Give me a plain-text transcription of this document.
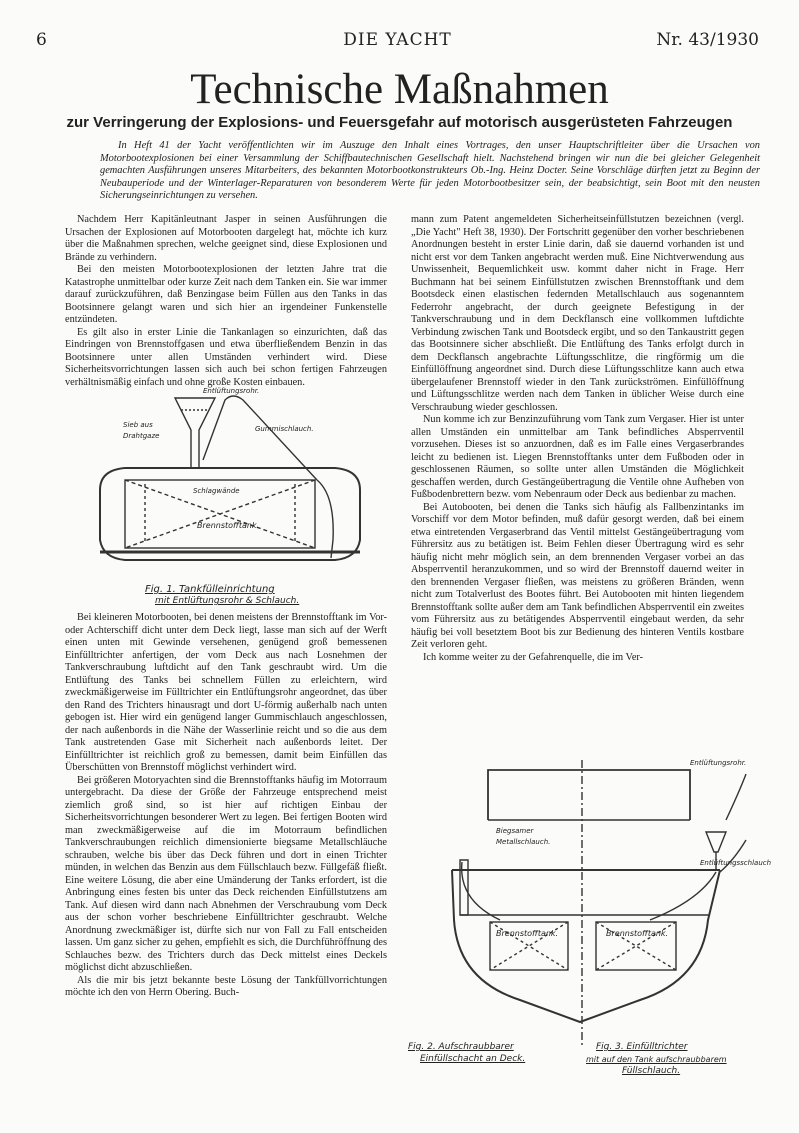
6	DIE YACHT	Nr. 43/1930
Technische Maßnahmen
zur Verringerung der Explosions- und Feuersgefahr auf motorisch ausgerüsteten Fahrzeugen

In Heft 41 der Yacht veröffentlichten wir im Auszuge den Inhalt eines Vortrages, den unser Hauptschriftleiter über die Ursachen von Motorbootexplosionen bei einer Versammlung der Schiffbautechnischen Gesellschaft hielt. Nachstehend bringen wir nun die bei gleicher Gelegenheit gemachten Ausführungen unseres Mitarbeiters, des bekannten Motorbootkonstrukteurs Ob.-Ing. Heinz Docter. Seine Vorschläge dürften jetzt zu Beginn der Neubauperiode und der Winterlager-Reparaturen von besonderem Werte für jeden Motorbootbesitzer sein, der beabsichtigt, sein Boot mit den neusten Sicherungseinrichtungen zu versehen.

Nachdem Herr Kapitänleutnant Jasper in seinen Ausführungen die Ursachen der Explosionen auf Motorbooten dargelegt hat, möchte ich kurz über die Maßnahmen sprechen, welche geeignet sind, diese Explosionen und Brände zu verhindern.

Bei den meisten Motorbootexplosionen der letzten Jahre trat die Katastrophe unmittelbar oder kurze Zeit nach dem Tanken ein. Sie war immer darauf zurückzuführen, daß Benzingase beim Füllen aus den Tanks in das Bootsinnere gelangt waren und sich hier an irgendeiner Funkenstelle entzündeten.

Es gilt also in erster Linie die Tankanlagen so einzurichten, daß das Eindringen von Brennstoffgasen und etwa überfließendem Benzin in das Bootsinnere unter allen Umständen verhindert wird. Diese Sicherheitsvorrichtungen lassen sich auch bei schon fertigen Fahrzeugen verhältnismäßig einfach und ohne große Kosten einbauen.

Entlüftungsrohr.
Sieb aus Drahtgaze
Gummischlauch.
Schlagwände
Brennstofftank.
Fig. 1. Tankfülleinrichtung
mit Entlüftungsrohr & Schlauch.

Bei kleineren Motorbooten, bei denen meistens der Brennstofftank im Vor- oder Achterschiff dicht unter dem Deck liegt, lasse man sich auf der Werft einen unten mit Gewinde versehenen, genügend groß bemessenen Einfülltrichter anfertigen, der vom Deck aus nach Losnehmen der Tankverschraubung luftdicht auf den Tank geschraubt wird. Um die Entlüftung des Tanks bei schnellem Füllen zu erleichtern, wird zweckmäßigerweise im Fülltrichter ein Entlüftungsrohr angeordnet, das über den Rand des Trichters hinausragt und dort U-förmig außerhalb nach unten gebogen ist. Hier wird ein genügend langer Gummischlauch angeschlossen, der nach außenbords in die Nähe der Wasserlinie reicht und so die aus dem Tank austretenden Gase mit Sicherheit nach außenbords leitet. Der Einfülltrichter ist reichlich groß zu bemessen, damit beim Einfüllen das Überschütten von Brennstoff möglichst verhindert wird.

Bei größeren Motoryachten sind die Brennstofftanks häufig im Motorraum untergebracht. Da diese der Größe der Fahrzeuge entsprechend meist ziemlich groß sind, so ist hier auf richtigen Einbau der Sicherheitsvorrichtungen besonderer Wert zu legen. Bei fertigen Booten wird man zweckmäßigerweise auf die im Motorraum befindlichen Tankverschraubungen reichlich dimensionierte biegsame Metallschläuche schrauben, welche bis über das Deck führen und dort in einen Trichter münden, in welchen das Benzin aus dem Füllschlauch bezw. Füllgefäß fließt. Eine weitere Lösung, die aber eine Umänderung der Tanks erfordert, ist die Anbringung eines festen bis unter das Deck reichenden Einfüllstutzens am Tank. Auf diesen wird dann nach Abnehmen der Verschraubung vom Deck aus der schon vorher beschriebene Einfülltrichter geschraubt. Welche Anordnung zweckmäßiger ist, dürfte sich nur von Fall zu Fall entscheiden lassen. Um ganz sicher zu gehen, empfiehlt es sich, die Durchführöffnung des Schlauches bezw. des Trichters durch das Deck mittelst eines Deckels möglichst dicht abzuschließen.

Als die mir bis jetzt bekannte beste Lösung der Tankfüllvorrichtungen möchte ich den von Herrn Obering. Buch-

mann zum Patent angemeldeten Sicherheitseinfüllstutzen bezeichnen (vergl. „Die Yacht" Heft 38, 1930). Der Fortschritt gegenüber den vorher beschriebenen Anordnungen besteht in erster Linie darin, daß sie dauernd vorhanden ist und nicht erst vor dem Tanken angebracht werden muß. Eine Nichtverwendung aus Unwissenheit, Bequemlichkeit usw. kommt daher nicht in Frage. Herr Buchmann hat bei seinem Einfüllstutzen zwischen Brennstofftank und dem Bootsdeck einen elastischen federnden Metallschlauch aus sogenanntem Federrohr angebracht, der durch geeignete Befestigung in der Tankverschraubung und in dem Deckflansch eine vollkommen luftdichte Verbindung zwischen Tank und Bootsdeck ergibt, und so den Tankaustritt gegen das Bootsinnere sicher abschließt. Die Entlüftung des Tanks erfolgt durch in dem Deckflansch angebrachte Lüftungsschlitze, die ringförmig um die Einfüllöffnung angeordnet sind. Durch diese Lüftungsschlitze kann auch etwa übergelaufener Brennstoff wieder in den Tank zurückströmen. Einfüllöffnung und Lüftungsschlitze werden nach dem Tanken in üblicher Weise durch eine Verschraubung wieder geschlossen.

Nun komme ich zur Benzinzuführung vom Tank zum Vergaser. Hier ist unter allen Umständen ein unmittelbar am Tank befindliches Absperrventil vorzusehen. Dieses ist so anzuordnen, daß es im Falle eines Vergaserbrandes leicht zu bedienen ist. Liegen Brennstofftanks unter dem Fußboden oder in geschlossenen Räumen, so sollte unter allen Umständen die Möglichkeit geschaffen werden, durch Gestängeübertragung die Ventile ohne Aufheben von Fußbodenbrettern bezw. vom Nebenraum oder Deck aus bedienbar zu machen.

Bei Autobooten, bei denen die Tanks sich häufig als Fallbenzintanks im Vorschiff vor dem Motor befinden, muß dafür gesorgt werden, daß bei einem etwa eintretenden Vergaserbrand das Ventil mittelst Gestängeübertragung vom Führersitz aus zu betätigen ist. Beim Fehlen dieser Übertragung wird es sehr häufig nicht mehr möglich sein, an dem brennenden Vergaser vorbei an das Absperrventil heranzukommen, und so wird der Brennstoff dauernd weiter in den brennenden Vergaser fließen, was meistens zu größeren Bränden, wenn nicht zum Totalverlust des Bootes führt. Bei Autobooten mit hinten liegendem Brennstofftank sollte außer dem am Tank befindlichen Absperrventil ein zweites vom Führersitz aus zu betätigendes Absperrventil eingebaut werden, da sehr häufig bei voll besetztem Boot bis zur Bedienung des hinteren Ventils kostbare Zeit verloren geht.

Ich komme weiter zu der Gefahrenquelle, die im Ver-

Entlüftungsrohr.
Biegsamer Metallschlauch.
Entlüftungsschlauch
Brennstofftank.	Brennstofftank.
Fig. 2. Aufschraubbarer
Einfüllschacht an Deck.
Fig. 3. Einfülltrichter
mit auf den Tank aufschraubbarem
Füllschlauch.
